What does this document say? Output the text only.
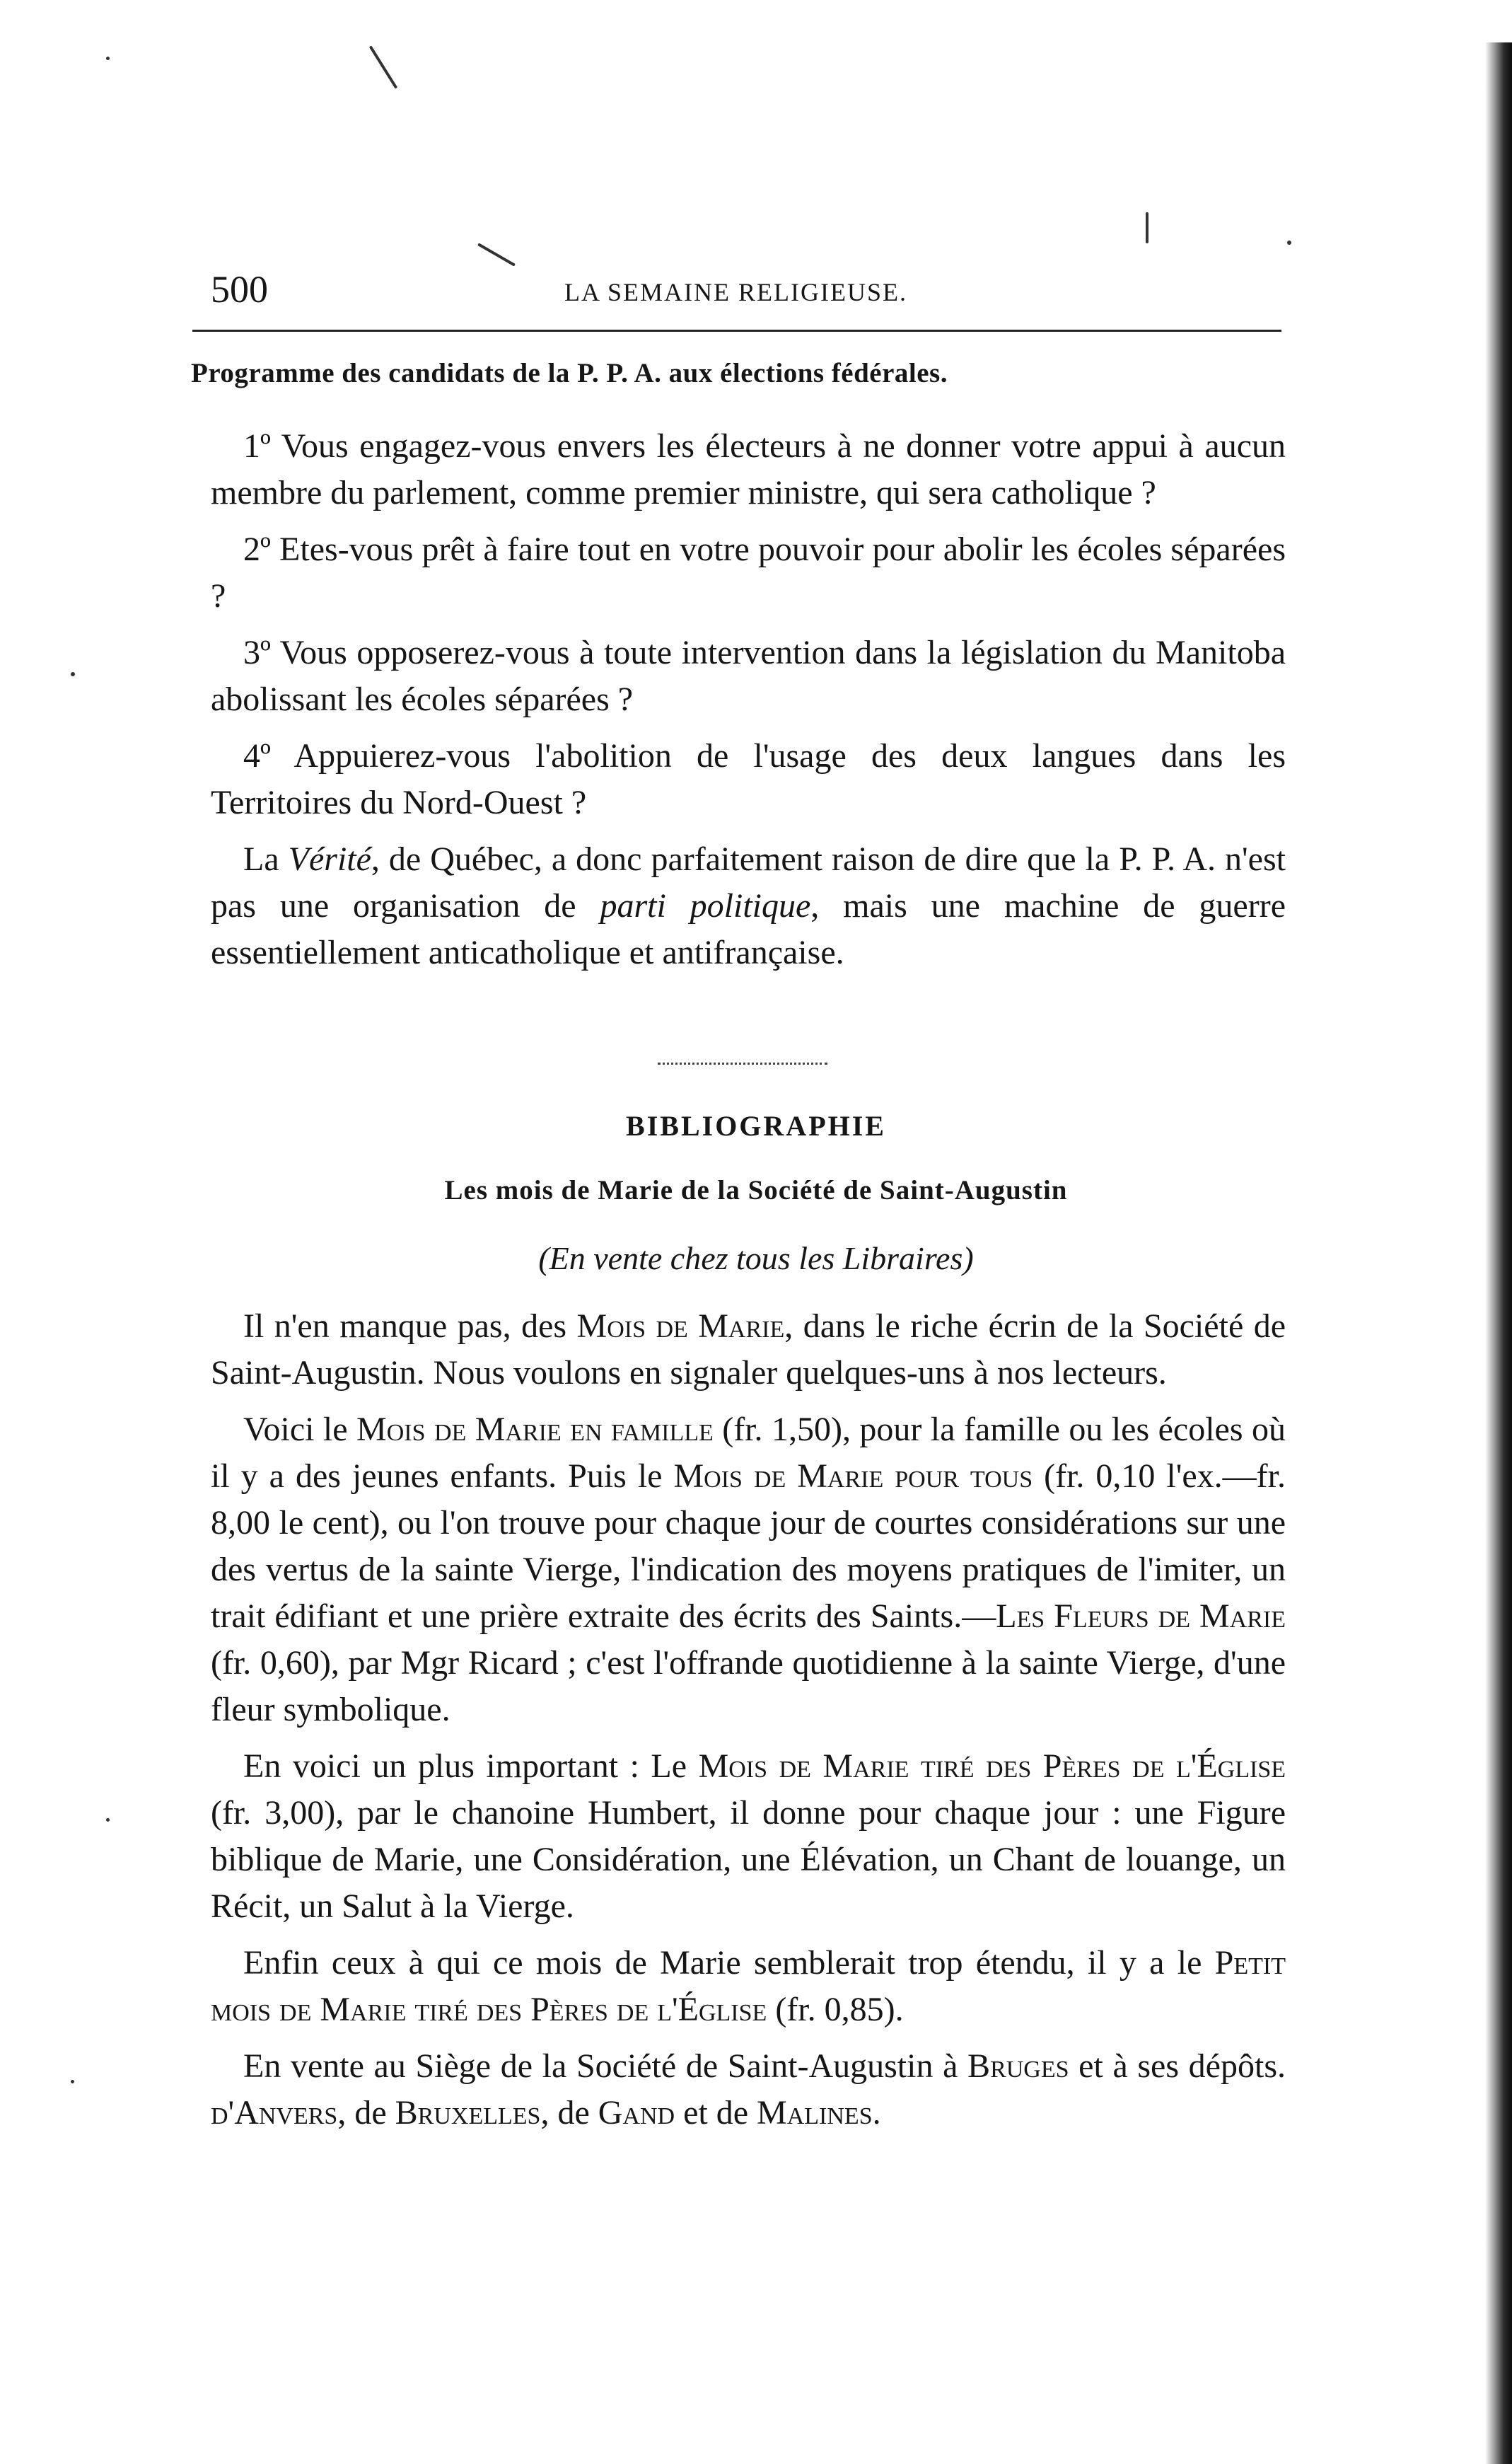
500	LA SEMAINE RELIGIEUSE.
Programme des candidats de la P. P. A. aux élections fédérales.

1º Vous engagez-vous envers les électeurs à ne donner votre appui à aucun membre du parlement, comme premier ministre, qui sera catholique ?

2º Etes-vous prêt à faire tout en votre pouvoir pour abolir les écoles séparées ?

3º Vous opposerez-vous à toute intervention dans la législation du Manitoba abolissant les écoles séparées ?

4º Appuierez-vous l'abolition de l'usage des deux langues dans les Territoires du Nord-Ouest ?

La Vérité, de Québec, a donc parfaitement raison de dire que la P. P. A. n'est pas une organisation de parti politique, mais une machine de guerre essentiellement anticatholique et antifrançaise.

BIBLIOGRAPHIE
Les mois de Marie de la Société de Saint-Augustin
(En vente chez tous les Libraires)

Il n'en manque pas, des Mois de Marie, dans le riche écrin de la Société de Saint-Augustin. Nous voulons en signaler quelques-uns à nos lecteurs.

Voici le Mois de Marie en famille (fr. 1,50), pour la famille ou les écoles où il y a des jeunes enfants. Puis le Mois de Marie pour tous (fr. 0,10 l'ex.—fr. 8,00 le cent), ou l'on trouve pour chaque jour de courtes considérations sur une des vertus de la sainte Vierge, l'indication des moyens pratiques de l'imiter, un trait édifiant et une prière extraite des écrits des Saints.—Les Fleurs de Marie (fr. 0,60), par Mgr Ricard ; c'est l'offrande quotidienne à la sainte Vierge, d'une fleur symbolique.

En voici un plus important : Le Mois de Marie tiré des Pères de l'Église (fr. 3,00), par le chanoine Humbert, il donne pour chaque jour : une Figure biblique de Marie, une Considération, une Élévation, un Chant de louange, un Récit, un Salut à la Vierge.

Enfin ceux à qui ce mois de Marie semblerait trop étendu, il y a le Petit mois de Marie tiré des Pères de l'Église (fr. 0,85).

En vente au Siège de la Société de Saint-Augustin à Bruges et à ses dépôts. d'Anvers, de Bruxelles, de Gand et de Malines.
